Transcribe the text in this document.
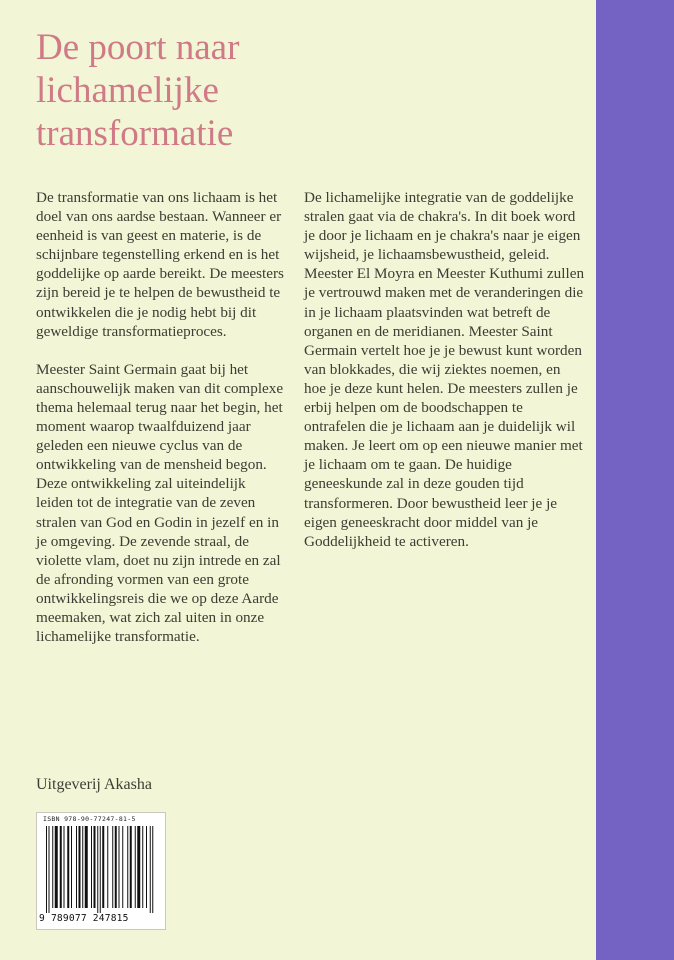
De poort naar
lichamelijke
transformatie

De transformatie van ons lichaam is het doel van ons aardse bestaan. Wanneer er eenheid is van geest en materie, is de schijnbare tegenstelling erkend en is het goddelijke op aarde bereikt. De meesters zijn bereid je te helpen de bewustheid te ontwikkelen die je nodig hebt bij dit geweldige transformatieproces.

Meester Saint Germain gaat bij het aanschouwelijk maken van dit complexe thema helemaal terug naar het begin, het moment waarop twaalfduizend jaar geleden een nieuwe cyclus van de ontwikkeling van de mensheid begon. Deze ontwikkeling zal uiteindelijk leiden tot de integratie van de zeven stralen van God en Godin in jezelf en in je omgeving. De zevende straal, de violette vlam, doet nu zijn intrede en zal de afronding vormen van een grote ontwikkelingsreis die we op deze Aarde meemaken, wat zich zal uiten in onze lichamelijke transformatie.

De lichamelijke integratie van de goddelijke stralen gaat via de chakra's. In dit boek word je door je lichaam en je chakra's naar je eigen wijsheid, je lichaamsbewustheid, geleid. Meester El Moyra en Meester Kuthumi zullen je vertrouwd maken met de veranderingen die in je lichaam plaatsvinden wat betreft de organen en de meridianen. Meester Saint Germain vertelt hoe je je bewust kunt worden van blokkades, die wij ziektes noemen, en hoe je deze kunt helen. De meesters zullen je erbij helpen om de boodschappen te ontrafelen die je lichaam aan je duidelijk wil maken. Je leert om op een nieuwe manier met je lichaam om te gaan. De huidige geneeskunde zal in deze gouden tijd transformeren. Door bewustheid leer je je eigen geneeskracht door middel van je Goddelijkheid te activeren.

Uitgeverij Akasha
ISBN 978-90-77247-81-5
9 789077 247815
